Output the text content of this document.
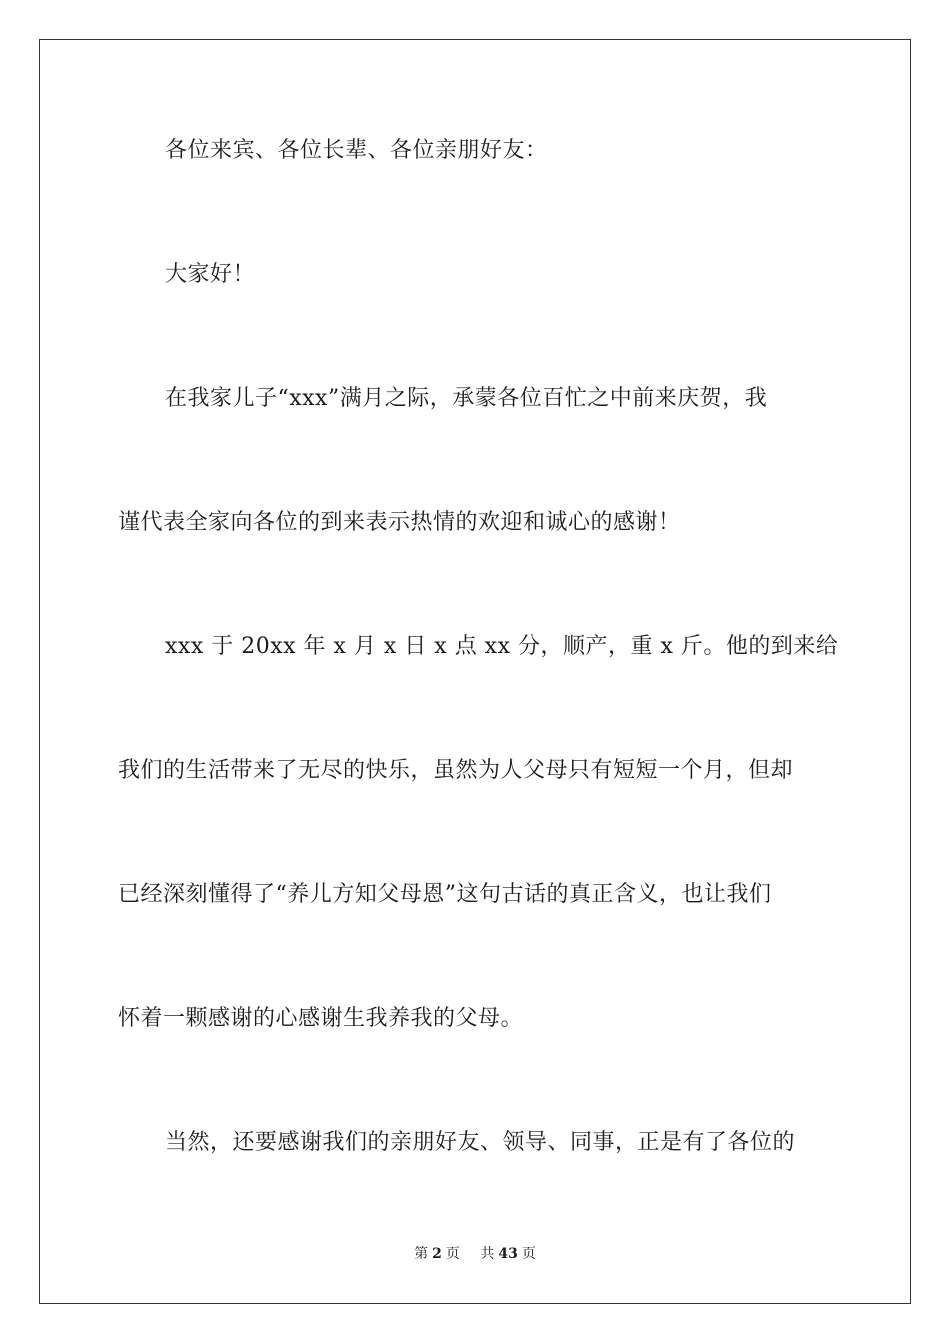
各位来宾、各位长辈、各位亲朋好友：
大家好！
在我家儿子“xxx”满月之际，承蒙各位百忙之中前来庆贺，我
谨代表全家向各位的到来表示热情的欢迎和诚心的感谢！
xxx 于 20xx 年 x 月 x 日 x 点 xx 分，顺产，重 x 斤。他的到来给
我们的生活带来了无尽的快乐，虽然为人父母只有短短一个月，但却
已经深刻懂得了“养儿方知父母恩”这句古话的真正含义，也让我们
怀着一颗感谢的心感谢生我养我的父母。
当然，还要感谢我们的亲朋好友、领导、同事，正是有了各位的
第 2 页 共 43 页
